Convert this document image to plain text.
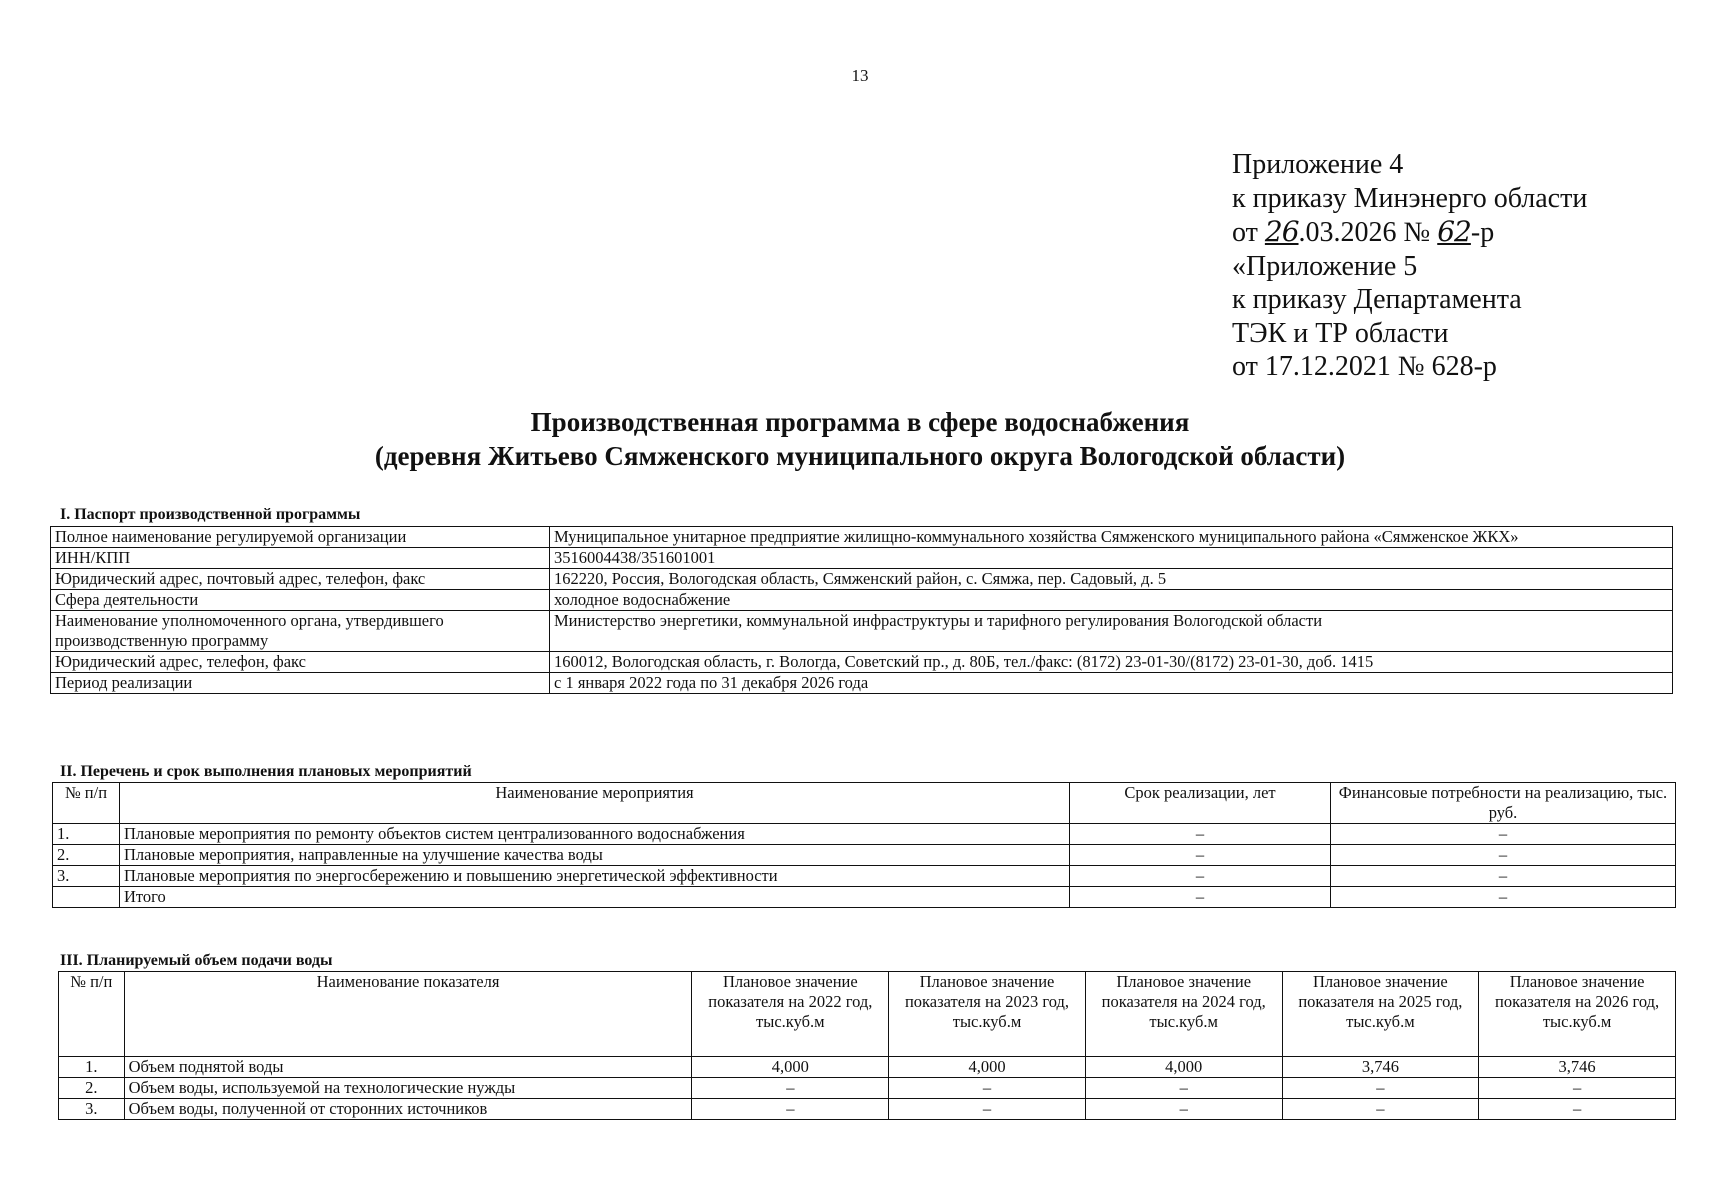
13
Приложение 4
к приказу Минэнерго области
от 26.03.2026 № 62-р
«Приложение 5
к приказу Департамента
ТЭК и ТР области
от 17.12.2021 № 628-р
Производственная программа в сфере водоснабжения
(деревня Житьево Сямженского муниципального округа Вологодской области)
I. Паспорт производственной программы
Полное наименование регулируемой организации	Муниципальное унитарное предприятие жилищно-коммунального хозяйства Сямженского муниципального района «Сямженское ЖКХ»
ИНН/КПП	3516004438/351601001
Юридический адрес, почтовый адрес, телефон, факс	162220, Россия, Вологодская область, Сямженский район, с. Сямжа, пер. Садовый, д. 5
Сфера деятельности	холодное водоснабжение
Наименование уполномоченного органа, утвердившего производственную программу	Министерство энергетики, коммунальной инфраструктуры и тарифного регулирования Вологодской области
Юридический адрес, телефон, факс	160012, Вологодская область, г. Вологда, Советский пр., д. 80Б, тел./факс: (8172) 23-01-30/(8172) 23-01-30, доб. 1415
Период реализации	с 1 января 2022 года по 31 декабря 2026 года
II. Перечень и срок выполнения плановых мероприятий
№ п/п	Наименование мероприятия	Срок реализации, лет	Финансовые потребности на реализацию, тыс. руб.
1.	Плановые мероприятия по ремонту объектов систем централизованного водоснабжения	–	–
2.	Плановые мероприятия, направленные на улучшение качества воды	–	–
3.	Плановые мероприятия по энергосбережению и повышению энергетической эффективности	–	–
	Итого	–	–
III. Планируемый объем подачи воды
№ п/п	Наименование показателя	Плановое значение показателя на 2022 год, тыс.куб.м	Плановое значение показателя на 2023 год, тыс.куб.м	Плановое значение показателя на 2024 год, тыс.куб.м	Плановое значение показателя на 2025 год, тыс.куб.м	Плановое значение показателя на 2026 год, тыс.куб.м
1.	Объем поднятой воды	4,000	4,000	4,000	3,746	3,746
2.	Объем воды, используемой на технологические нужды	–	–	–	–	–
3.	Объем воды, полученной от сторонних источников	–	–	–	–	–
